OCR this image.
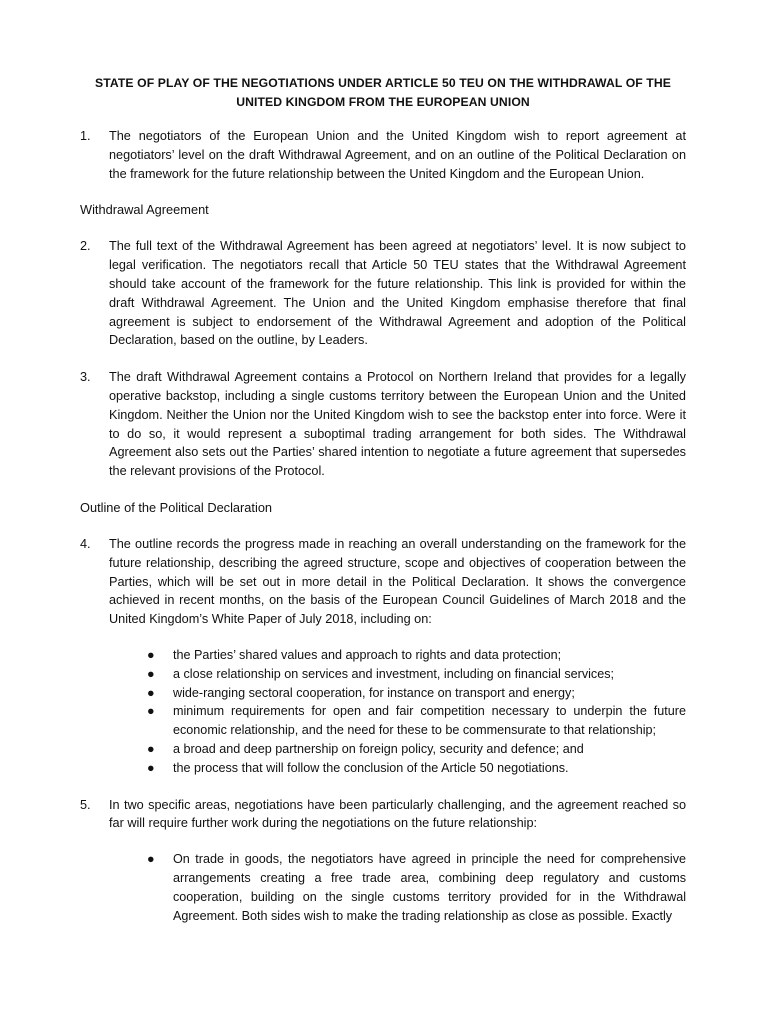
STATE OF PLAY OF THE NEGOTIATIONS UNDER ARTICLE 50 TEU ON THE WITHDRAWAL OF THE UNITED KINGDOM FROM THE EUROPEAN UNION
1.	The negotiators of the European Union and the United Kingdom wish to report agreement at negotiators’ level on the draft Withdrawal Agreement, and on an outline of the Political Declaration on the framework for the future relationship between the United Kingdom and the European Union.
Withdrawal Agreement
2.	The full text of the Withdrawal Agreement has been agreed at negotiators’ level. It is now subject to legal verification. The negotiators recall that Article 50 TEU states that the Withdrawal Agreement should take account of the framework for the future relationship. This link is provided for within the draft Withdrawal Agreement. The Union and the United Kingdom emphasise therefore that final agreement is subject to endorsement of the Withdrawal Agreement and adoption of the Political Declaration, based on the outline, by Leaders.
3.	The draft Withdrawal Agreement contains a Protocol on Northern Ireland that provides for a legally operative backstop, including a single customs territory between the European Union and the United Kingdom. Neither the Union nor the United Kingdom wish to see the backstop enter into force. Were it to do so, it would represent a suboptimal trading arrangement for both sides. The Withdrawal Agreement also sets out the Parties’ shared intention to negotiate a future agreement that supersedes the relevant provisions of the Protocol.
Outline of the Political Declaration
4.	The outline records the progress made in reaching an overall understanding on the framework for the future relationship, describing the agreed structure, scope and objectives of cooperation between the Parties, which will be set out in more detail in the Political Declaration. It shows the convergence achieved in recent months, on the basis of the European Council Guidelines of March 2018 and the United Kingdom’s White Paper of July 2018, including on:
● the Parties’ shared values and approach to rights and data protection;
● a close relationship on services and investment, including on financial services;
● wide-ranging sectoral cooperation, for instance on transport and energy;
● minimum requirements for open and fair competition necessary to underpin the future economic relationship, and the need for these to be commensurate to that relationship;
● a broad and deep partnership on foreign policy, security and defence; and
● the process that will follow the conclusion of the Article 50 negotiations.
5.	In two specific areas, negotiations have been particularly challenging, and the agreement reached so far will require further work during the negotiations on the future relationship:
● On trade in goods, the negotiators have agreed in principle the need for comprehensive arrangements creating a free trade area, combining deep regulatory and customs cooperation, building on the single customs territory provided for in the Withdrawal Agreement. Both sides wish to make the trading relationship as close as possible. Exactly
